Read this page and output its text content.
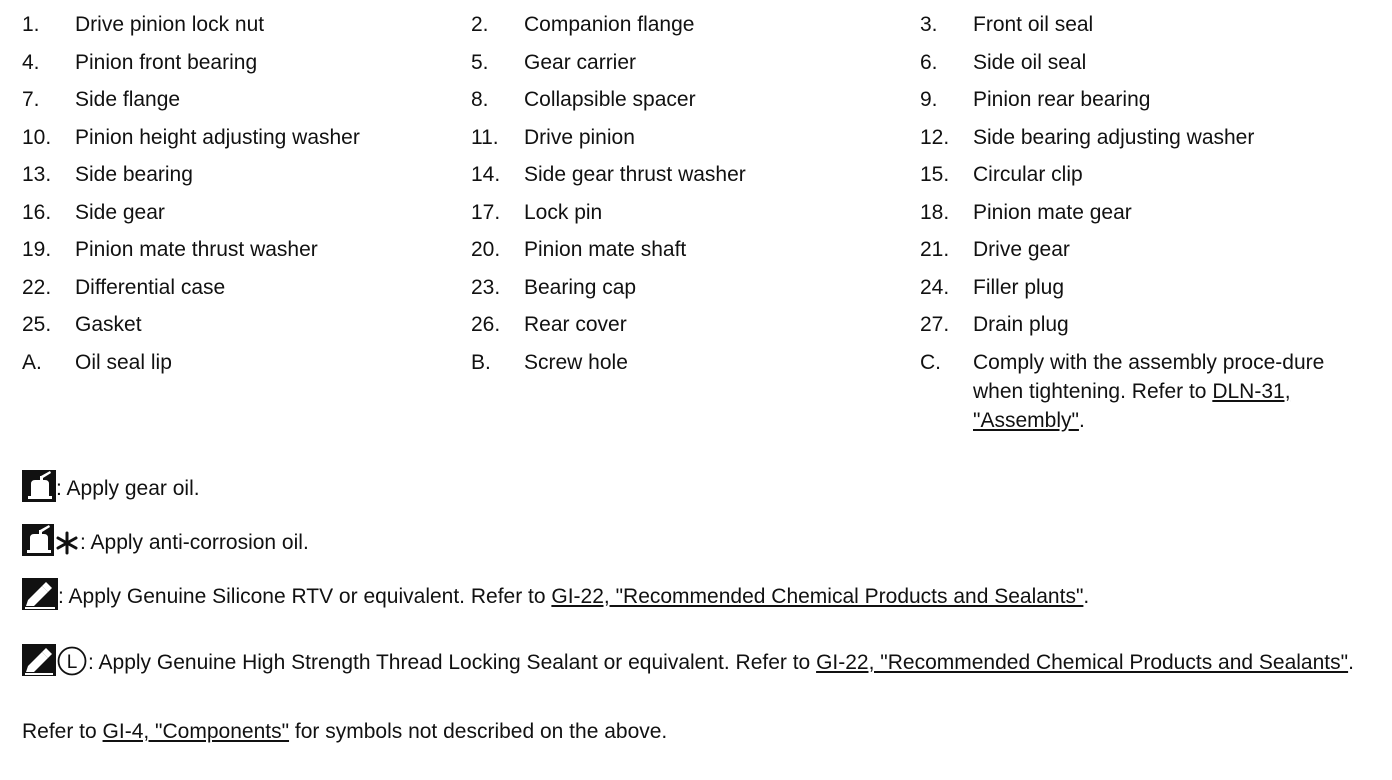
1.	Drive pinion lock nut	2.	Companion flange	3.	Front oil seal
4.	Pinion front bearing	5.	Gear carrier	6.	Side oil seal
7.	Side flange	8.	Collapsible spacer	9.	Pinion rear bearing
10.	Pinion height adjusting washer	11.	Drive pinion	12.	Side bearing adjusting washer
13.	Side bearing	14.	Side gear thrust washer	15.	Circular clip
16.	Side gear	17.	Lock pin	18.	Pinion mate gear
19.	Pinion mate thrust washer	20.	Pinion mate shaft	21.	Drive gear
22.	Differential case	23.	Bearing cap	24.	Filler plug
25.	Gasket	26.	Rear cover	27.	Drain plug
A.	Oil seal lip	B.	Screw hole	C.	Comply with the assembly proce-dure when tightening. Refer to DLN-31, "Assembly".
: Apply gear oil.
: Apply anti-corrosion oil.
: Apply Genuine Silicone RTV or equivalent. Refer to GI-22, "Recommended Chemical Products and Sealants".
L : Apply Genuine High Strength Thread Locking Sealant or equivalent. Refer to GI-22, "Recommended Chemical Products and Sealants".
Refer to GI-4, "Components" for symbols not described on the above.
